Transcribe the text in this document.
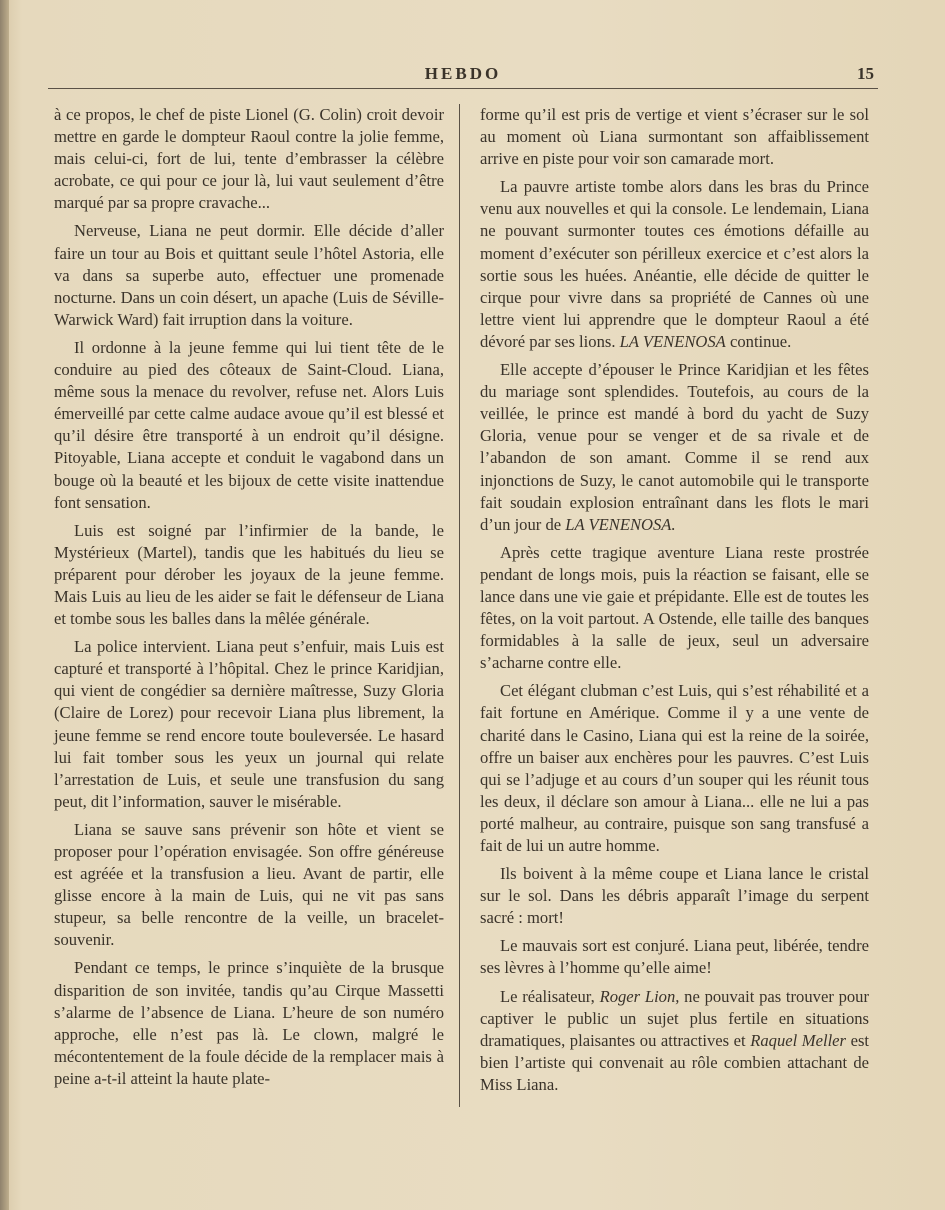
HEBDO	15

à ce propos, le chef de piste Lionel (G. Colin) croit devoir mettre en garde le dompteur Raoul contre la jolie femme, mais celui-ci, fort de lui, tente d’embrasser la célèbre acrobate, ce qui pour ce jour là, lui vaut seulement d’être marqué par sa propre cravache...

Nerveuse, Liana ne peut dormir. Elle décide d’aller faire un tour au Bois et quittant seule l’hôtel Astoria, elle va dans sa superbe auto, effectuer une promenade nocturne. Dans un coin désert, un apache (Luis de Séville-Warwick Ward) fait irruption dans la voiture.

Il ordonne à la jeune femme qui lui tient tête de le conduire au pied des côteaux de Saint-Cloud. Liana, même sous la menace du revolver, refuse net. Alors Luis émerveillé par cette calme audace avoue qu’il est blessé et qu’il désire être transporté à un endroit qu’il désigne. Pitoyable, Liana accepte et conduit le vagabond dans un bouge où la beauté et les bijoux de cette visite inattendue font sensation.

Luis est soigné par l’infirmier de la bande, le Mystérieux (Martel), tandis que les habitués du lieu se préparent pour dérober les joyaux de la jeune femme. Mais Luis au lieu de les aider se fait le défenseur de Liana et tombe sous les balles dans la mêlée générale.

La police intervient. Liana peut s’enfuir, mais Luis est capturé et transporté à l’hôpital. Chez le prince Karidjian, qui vient de congédier sa dernière maîtresse, Suzy Gloria (Claire de Lorez) pour recevoir Liana plus librement, la jeune femme se rend encore toute bouleversée. Le hasard lui fait tomber sous les yeux un journal qui relate l’arrestation de Luis, et seule une transfusion du sang peut, dit l’information, sauver le misérable.

Liana se sauve sans prévenir son hôte et vient se proposer pour l’opération envisagée. Son offre généreuse est agréée et la transfusion a lieu. Avant de partir, elle glisse encore à la main de Luis, qui ne vit pas sans stupeur, sa belle rencontre de la veille, un bracelet-souvenir.

Pendant ce temps, le prince s’inquiète de la brusque disparition de son invitée, tandis qu’au Cirque Massetti s’alarme de l’absence de Liana. L’heure de son numéro approche, elle n’est pas là. Le clown, malgré le mécontentement de la foule décide de la remplacer mais à peine a-t-il atteint la haute plate-

forme qu’il est pris de vertige et vient s’écraser sur le sol au moment où Liana surmontant son affaiblissement arrive en piste pour voir son camarade mort.

La pauvre artiste tombe alors dans les bras du Prince venu aux nouvelles et qui la console. Le lendemain, Liana ne pouvant surmonter toutes ces émotions défaille au moment d’exécuter son périlleux exercice et c’est alors la sortie sous les huées. Anéantie, elle décide de quitter le cirque pour vivre dans sa propriété de Cannes où une lettre vient lui apprendre que le dompteur Raoul a été dévoré par ses lions. LA VENENOSA continue.

Elle accepte d’épouser le Prince Karidjian et les fêtes du mariage sont splendides. Toutefois, au cours de la veillée, le prince est mandé à bord du yacht de Suzy Gloria, venue pour se venger et de sa rivale et de l’abandon de son amant. Comme il se rend aux injonctions de Suzy, le canot automobile qui le transporte fait soudain explosion entraînant dans les flots le mari d’un jour de LA VENENOSA.

Après cette tragique aventure Liana reste prostrée pendant de longs mois, puis la réaction se faisant, elle se lance dans une vie gaie et prépidante. Elle est de toutes les fêtes, on la voit partout. A Ostende, elle taille des banques formidables à la salle de jeux, seul un adversaire s’acharne contre elle.

Cet élégant clubman c’est Luis, qui s’est réhabilité et a fait fortune en Amérique. Comme il y a une vente de charité dans le Casino, Liana qui est la reine de la soirée, offre un baiser aux enchères pour les pauvres. C’est Luis qui se l’adjuge et au cours d’un souper qui les réunit tous les deux, il déclare son amour à Liana... elle ne lui a pas porté malheur, au contraire, puisque son sang transfusé a fait de lui un autre homme.

Ils boivent à la même coupe et Liana lance le cristal sur le sol. Dans les débris apparaît l’image du serpent sacré : mort!

Le mauvais sort est conjuré. Liana peut, libérée, tendre ses lèvres à l’homme qu’elle aime!

Le réalisateur, Roger Lion, ne pouvait pas trouver pour captiver le public un sujet plus fertile en situations dramatiques, plaisantes ou attractives et Raquel Meller est bien l’artiste qui convenait au rôle combien attachant de Miss Liana.
